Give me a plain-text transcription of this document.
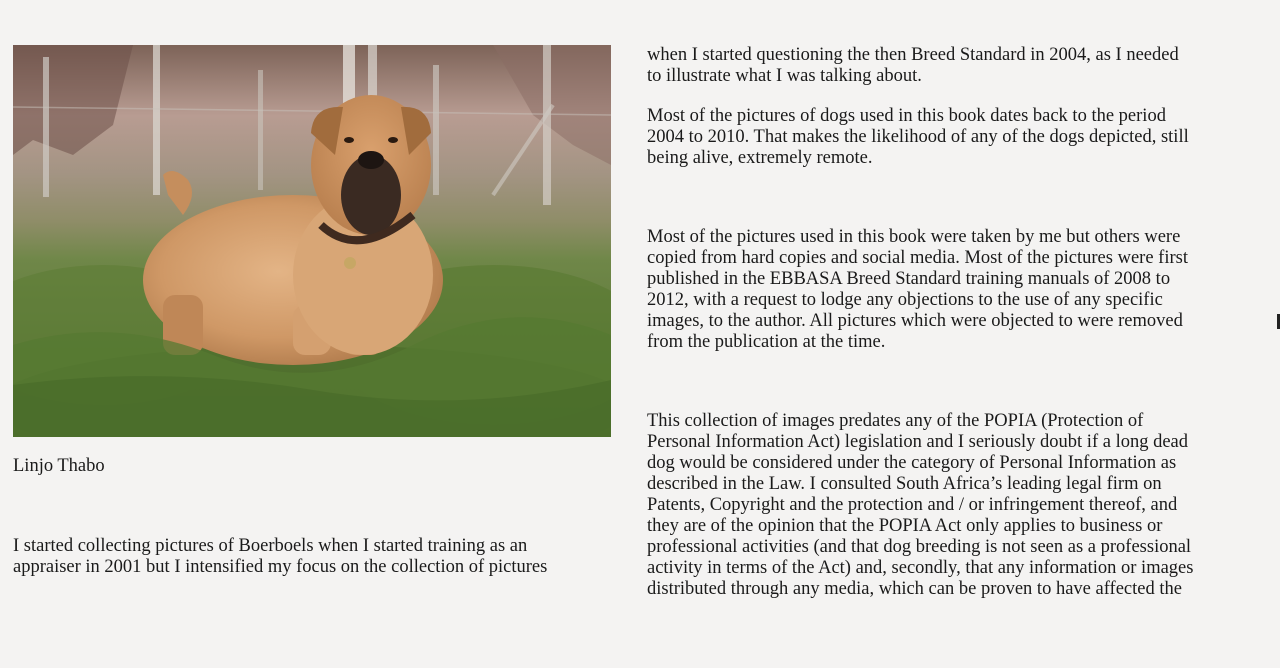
Linjo Thabo

I started collecting pictures of Boerboels when I started training as an
appraiser in 2001 but I intensified my focus on the collection of pictures

when I started questioning the then Breed Standard in 2004, as I needed
to illustrate what I was talking about.

Most of the pictures of dogs used in this book dates back to the period
2004 to 2010. That makes the likelihood of any of the dogs depicted, still
being alive, extremely remote.

Most of the pictures used in this book were taken by me but others were
copied from hard copies and social media. Most of the pictures were first
published in the EBBASA Breed Standard training manuals of 2008 to
2012, with a request to lodge any objections to the use of any specific
images, to the author. All pictures which were objected to were removed
from the publication at the time.

This collection of images predates any of the POPIA (Protection of
Personal Information Act) legislation and I seriously doubt if a long dead
dog would be considered under the category of Personal Information as
described in the Law. I consulted South Africa’s leading legal firm on
Patents, Copyright and the protection and / or infringement thereof, and
they are of the opinion that the POPIA Act only applies to business or
professional activities (and that dog breeding is not seen as a professional
activity in terms of the Act) and, secondly, that any information or images
distributed through any media, which can be proven to have affected the
